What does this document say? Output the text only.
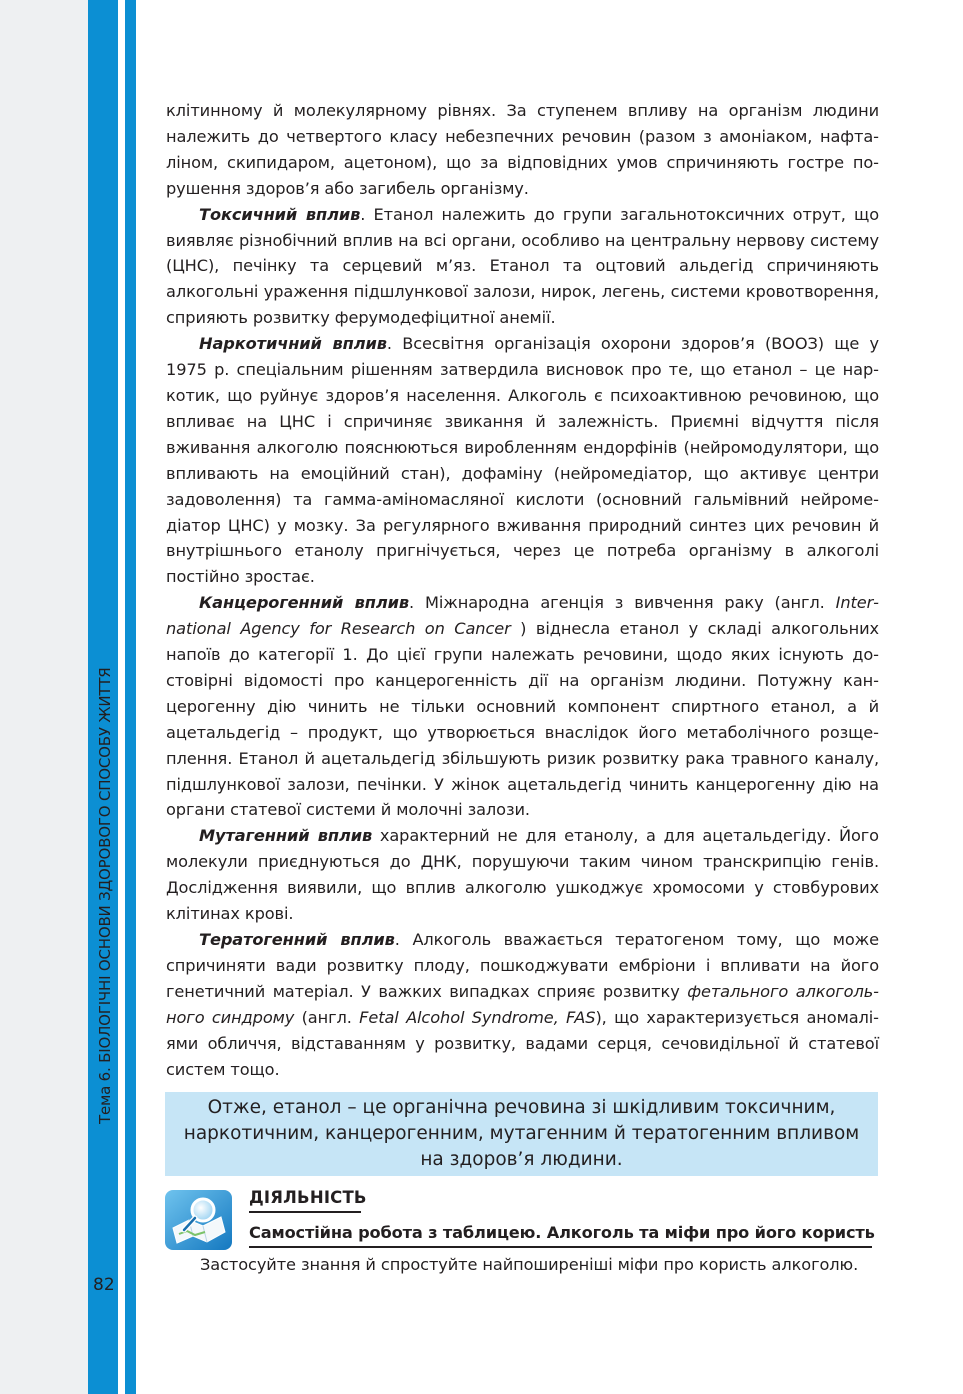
Тема 6. БІОЛОГІЧНІ ОСНОВИ ЗДОРОВОГО СПОСОБУ ЖИТТЯ
82

клітинному й молекулярному рівнях. За ступенем впливу на організм людини належить до четвертого класу небезпечних речовин (разом з амоніаком, нафталіном, скипидаром, ацетоном), що за відповідних умов спричиняють гостре порушення здоров’я або загибель організму.

Токсичний вплив. Етанол належить до групи загальнотоксичних отрут, що виявляє різнобічний вплив на всі органи, особливо на центральну нервову систему (ЦНС), печінку та серцевий м’яз. Етанол та оцтовий альдегід спричиняють алкогольні ураження підшлункової залози, нирок, легень, системи кровотворення, сприяють розвитку ферумодефіцитної анемії.

Наркотичний вплив. Всесвітня організація охорони здоров’я (ВООЗ) ще у 1975 р. спеціальним рішенням затвердила висновок про те, що етанол – це наркотик, що руйнує здоров’я населення. Алкоголь є психоактивною речовиною, що впливає на ЦНС і спричиняє звикання й залежність. Приємні відчуття після вживання алкоголю пояснюються виробленням ендорфінів (нейромодулятори, що впливають на емоційний стан), дофаміну (нейромедіатор, що активує центри задоволення) та гамма-аміномасляної кислоти (основний гальмівний нейромедіатор ЦНС) у мозку. За регулярного вживання природний синтез цих речовин й внутрішнього етанолу пригнічується, через це потреба організму в алкоголі постійно зростає.

Канцерогенний вплив. Міжнародна агенція з вивчення раку (англ. International Agency for Research on Cancer ) віднесла етанол у складі алкогольних напоїв до категорії 1. До цієї групи належать речовини, щодо яких існують достовірні відомості про канцерогенність дії на організм людини. Потужну канцерогенну дію чинить не тільки основний компонент спиртного етанол, а й ацетальдегід – продукт, що утворюється внаслідок його метаболічного розщеплення. Етанол й ацетальдегід збільшують ризик розвитку рака травного каналу, підшлункової залози, печінки. У жінок ацетальдегід чинить канцерогенну дію на органи статевої системи й молочні залози.

Мутагенний вплив характерний не для етанолу, а для ацетальдегіду. Його молекули приєднуються до ДНК, порушуючи таким чином транскрипцію генів. Дослідження виявили, що вплив алкоголю ушкоджує хромосоми у стовбурових клітинах крові.

Тератогенний вплив. Алкоголь вважається тератогеном тому, що може спричиняти вади розвитку плоду, пошкоджувати ембріони і впливати на його генетичний матеріал. У важких випадках сприяє розвитку фетального алкогольного синдрому (англ. Fetal Alcohol Syndrome, FAS), що характеризується аномаліями обличчя, відставанням у розвитку, вадами серця, сечовидільної й статевої систем тощо.

Отже, етанол – це органічна речовина зі шкідливим токсичним, наркотичним, канцерогенним, мутагенним й тератогенним впливом на здоров’я людини.
ДІЯЛЬНІСТЬ
Самостійна робота з таблицею. Алкоголь та міфи про його користь
Застосуйте знання й спростуйте найпоширеніші міфи про користь алкоголю.
